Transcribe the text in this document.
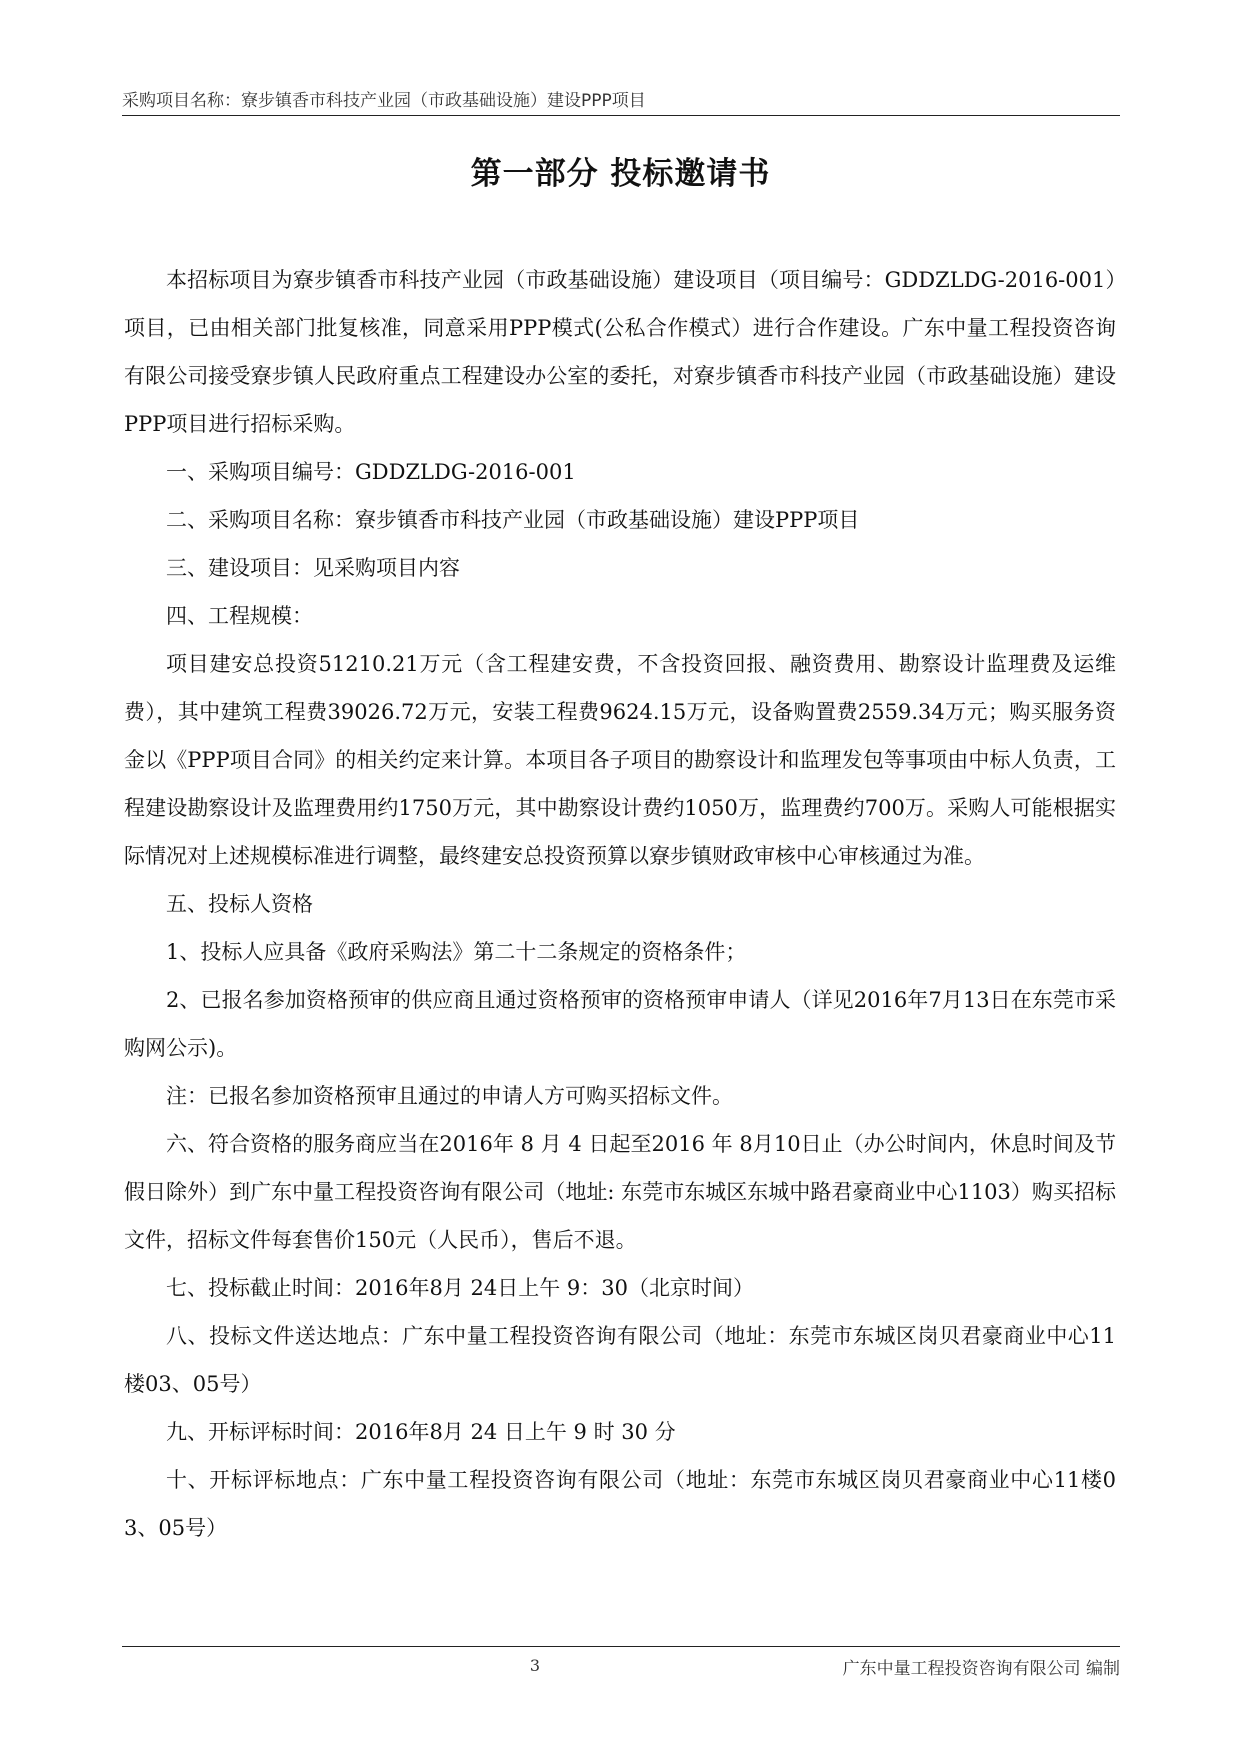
采购项目名称：寮步镇香市科技产业园（市政基础设施）建设PPP项目
第一部分 投标邀请书

本招标项目为寮步镇香市科技产业园（市政基础设施）建设项目（项目编号：GDDZLDG-2016-001）项目，已由相关部门批复核准，同意采用PPP模式(公私合作模式）进行合作建设。广东中量工程投资咨询有限公司接受寮步镇人民政府重点工程建设办公室的委托，对寮步镇香市科技产业园（市政基础设施）建设PPP项目进行招标采购。

一、采购项目编号：GDDZLDG-2016-001

二、采购项目名称：寮步镇香市科技产业园（市政基础设施）建设PPP项目

三、建设项目：见采购项目内容

四、工程规模：

项目建安总投资51210.21万元（含工程建安费，不含投资回报、融资费用、勘察设计监理费及运维费），其中建筑工程费39026.72万元，安装工程费9624.15万元，设备购置费2559.34万元；购买服务资金以《PPP项目合同》的相关约定来计算。本项目各子项目的勘察设计和监理发包等事项由中标人负责，工程建设勘察设计及监理费用约1750万元，其中勘察设计费约1050万，监理费约700万。采购人可能根据实际情况对上述规模标准进行调整，最终建安总投资预算以寮步镇财政审核中心审核通过为准。

五、投标人资格

1、投标人应具备《政府采购法》第二十二条规定的资格条件；

2、已报名参加资格预审的供应商且通过资格预审的资格预审申请人（详见2016年7月13日在东莞市采购网公示)。

注：已报名参加资格预审且通过的申请人方可购买招标文件。

六、符合资格的服务商应当在2016年 8 月 4 日起至2016 年 8月10日止（办公时间内，休息时间及节假日除外）到广东中量工程投资咨询有限公司（地址: 东莞市东城区东城中路君豪商业中心1103）购买招标文件，招标文件每套售价150元（人民币），售后不退。

七、投标截止时间：2016年8月 24日上午 9：30（北京时间）

八、投标文件送达地点：广东中量工程投资咨询有限公司（地址：东莞市东城区岗贝君豪商业中心11楼03、05号）

九、开标评标时间：2016年8月 24 日上午 9 时 30 分

十、开标评标地点：广东中量工程投资咨询有限公司（地址：东莞市东城区岗贝君豪商业中心11楼03、05号）

3	广东中量工程投资咨询有限公司 编制
